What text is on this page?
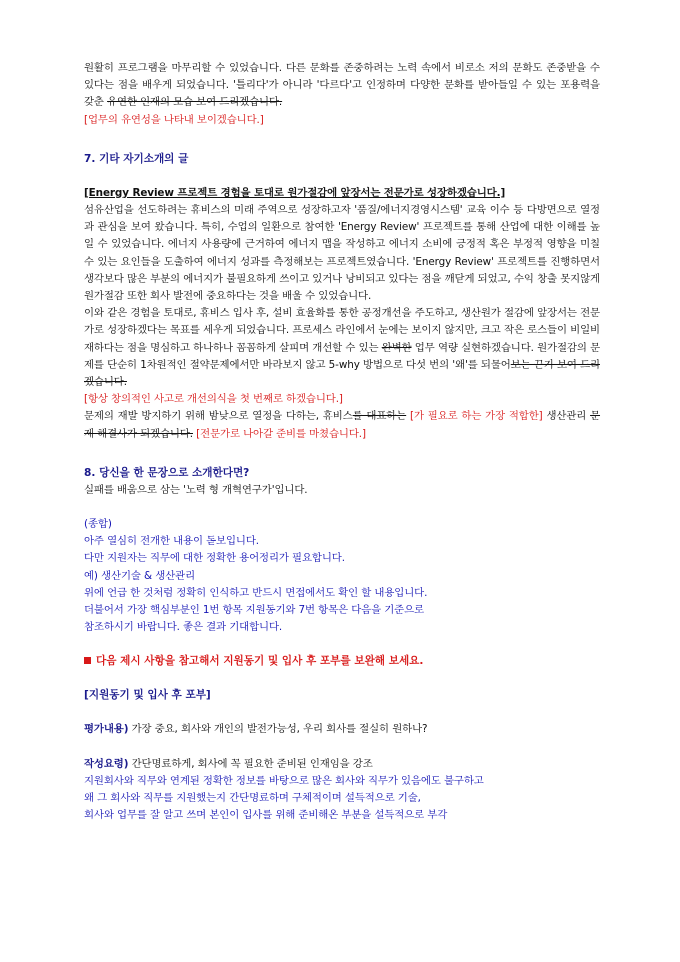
원활히 프로그램을 마무리할 수 있었습니다. 다른 문화를 존중하려는 노력 속에서 비로소 저의 문화도 존중받을 수 있다는 점을 배우게 되었습니다. '틀리다'가 아니라 '다르다'고 인정하며 다양한 문화를 받아들일 수 있는 포용력을 갖춘 유연한 인재의 모습 보여 드리겠습니다.

[업무의 유연성을 나타내 보이겠습니다.]

7. 기타 자기소개의 글

[Energy Review 프로젝트 경험을 토대로 원가절감에 앞장서는 전문가로 성장하겠습니다.]

섬유산업을 선도하려는 휴비스의 미래 주역으로 성장하고자 '품질/에너지경영시스템' 교육 이수 등 다방면으로 열정과 관심을 보여 왔습니다. 특히, 수업의 일환으로 참여한 'Energy Review' 프로젝트를 통해 산업에 대한 이해를 높일 수 있었습니다. 에너지 사용량에 근거하여 에너지 맵을 작성하고 에너지 소비에 긍정적 혹은 부정적 영향을 미칠 수 있는 요인들을 도출하여 에너지 성과를 측정해보는 프로젝트였습니다. 'Energy Review' 프로젝트를 진행하면서 생각보다 많은 부분의 에너지가 불필요하게 쓰이고 있거나 낭비되고 있다는 점을 깨닫게 되었고, 수익 창출 못지않게 원가절감 또한 회사 발전에 중요하다는 것을 배울 수 있었습니다.

이와 같은 경험을 토대로, 휴비스 입사 후, 설비 효율화를 통한 공정개선을 주도하고, 생산원가 절감에 앞장서는 전문가로 성장하겠다는 목표를 세우게 되었습니다. 프로세스 라인에서 눈에는 보이지 않지만, 크고 작은 로스들이 비일비재하다는 점을 명심하고 하나하나 꼼꼼하게 살피며 개선할 수 있는 완벽한 업무 역량 실현하겠습니다. 원가절감의 문제를 단순히 1차원적인 절약문제에서만 바라보지 않고 5-why 방법으로 다섯 번의 '왜'를 되물어보는 끈기 보여 드리겠습니다.

[항상 창의적인 사고로 개선의식을 첫 번째로 하겠습니다.]

문제의 재발 방지하기 위해 밤낮으로 열정을 다하는, 휴비스를 대표하는 [가 필요로 하는 가장 적합한] 생산관리 문제 해결사가 되겠습니다. [전문가로 나아갈 준비를 마쳤습니다.]

8. 당신을 한 문장으로 소개한다면?

실패를 배움으로 삼는 '노력 형 개혁연구가'입니다.

(종합)

아주 열심히 전개한 내용이 돋보입니다.

다만 지원자는 직무에 대한 정확한 용어정리가 필요합니다.

예) 생산기술 & 생산관리

위에 언급 한 것처럼 정확히 인식하고 반드시 면접에서도 확인 할 내용입니다.

더불어서 가장 핵심부분인 1번 항목 지원동기와 7번 항목은 다음을 기준으로

참조하시기 바랍니다. 좋은 결과 기대합니다.

다음 제시 사항을 참고해서 지원동기 및 입사 후 포부를 보완해 보세요.

[지원동기 및 입사 후 포부]

평가내용) 가장 중요, 회사와 개인의 발전가능성, 우리 회사를 절실히 원하나?

작성요령) 간단명료하게, 회사에 꼭 필요한 준비된 인재임을 강조

지원회사와 직무와 연계된 정확한 정보를 바탕으로 많은 회사와 직무가 있음에도 불구하고

왜 그 회사와 직무를 지원했는지 간단명료하며 구체적이며 설득적으로 기술,

회사와 업무를 잘 알고 쓰며 본인이 입사를 위해 준비해온 부분을 설득적으로 부각
